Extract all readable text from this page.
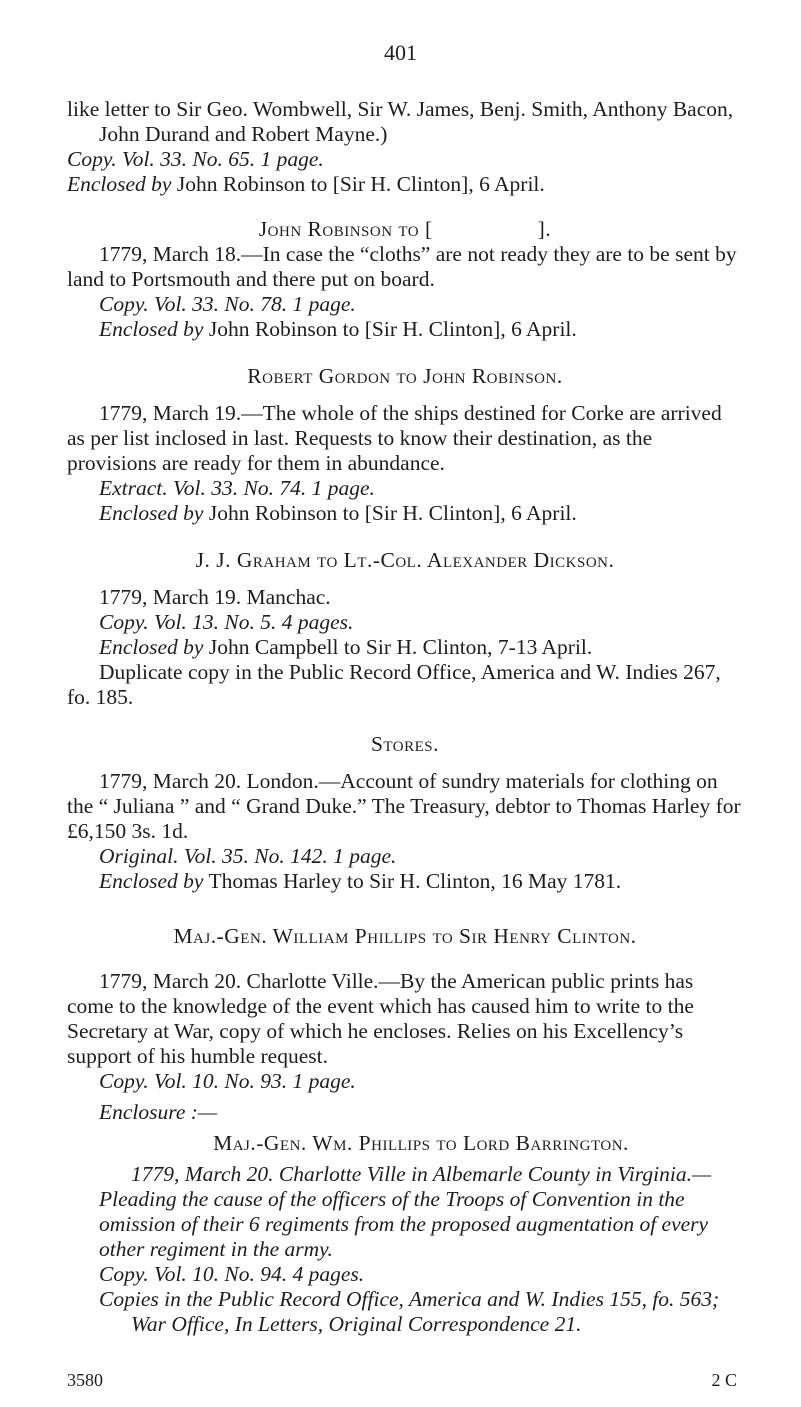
401

like letter to Sir Geo. Wombwell, Sir W. James, Benj. Smith, Anthony Bacon, John Durand and Robert Mayne.)

Copy. Vol. 33. No. 65. 1 page.

Enclosed by John Robinson to [Sir H. Clinton], 6 April.

John Robinson to [	].

1779, March 18.—In case the “cloths” are not ready they are to be sent by land to Portsmouth and there put on board.

Copy. Vol. 33. No. 78. 1 page.

Enclosed by John Robinson to [Sir H. Clinton], 6 April.

Robert Gordon to John Robinson.

1779, March 19.—The whole of the ships destined for Corke are arrived as per list inclosed in last. Requests to know their destination, as the provisions are ready for them in abundance.

Extract. Vol. 33. No. 74. 1 page.

Enclosed by John Robinson to [Sir H. Clinton], 6 April.

J. J. Graham to Lt.-Col. Alexander Dickson.

1779, March 19. Manchac.

Copy. Vol. 13. No. 5. 4 pages.

Enclosed by John Campbell to Sir H. Clinton, 7-13 April.

Duplicate copy in the Public Record Office, America and W. Indies 267, fo. 185.

Stores.

1779, March 20. London.—Account of sundry materials for clothing on the “ Juliana ” and “ Grand Duke.” The Treasury, debtor to Thomas Harley for £6,150 3s. 1d.

Original. Vol. 35. No. 142. 1 page.

Enclosed by Thomas Harley to Sir H. Clinton, 16 May 1781.

Maj.-Gen. William Phillips to Sir Henry Clinton.

1779, March 20. Charlotte Ville.—By the American public prints has come to the knowledge of the event which has caused him to write to the Secretary at War, copy of which he encloses. Relies on his Excellency’s support of his humble request.

Copy. Vol. 10. No. 93. 1 page.

Enclosure :—

Maj.-Gen. Wm. Phillips to Lord Barrington.

1779, March 20. Charlotte Ville in Albemarle County in Virginia.—Pleading the cause of the officers of the Troops of Convention in the omission of their 6 regiments from the proposed augmentation of every other regiment in the army.

Copy. Vol. 10. No. 94. 4 pages.

Copies in the Public Record Office, America and W. Indies 155, fo. 563; War Office, In Letters, Original Correspondence 21.

3580	2 C
